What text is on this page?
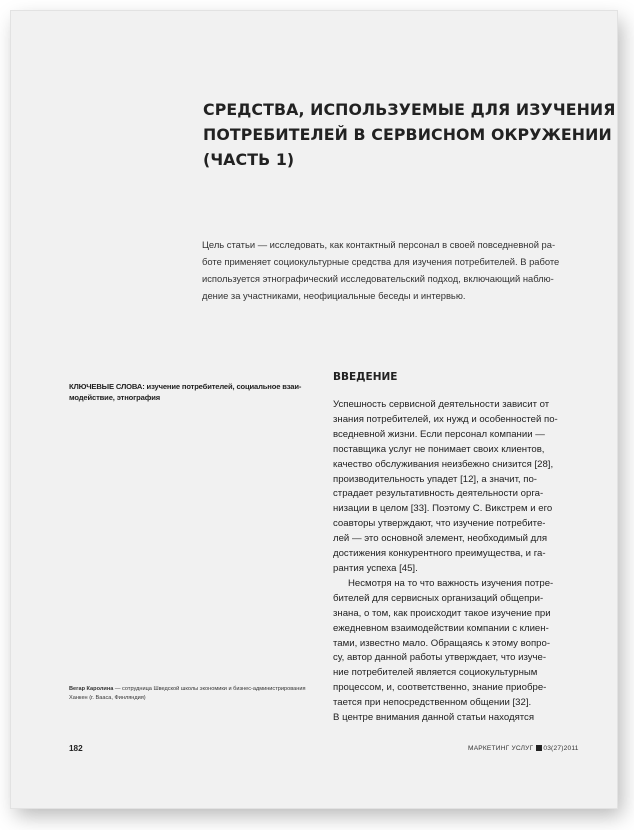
СРЕДСТВА, ИСПОЛЬЗУЕМЫЕ ДЛЯ ИЗУЧЕНИЯ
ПОТРЕБИТЕЛЕЙ В СЕРВИСНОМ ОКРУЖЕНИИ
(ЧАСТЬ 1)
Цель статьи — исследовать, как контактный персонал в своей повседневной ра-
боте применяет социокультурные средства для изучения потребителей. В работе
используется этнографический исследовательский подход, включающий наблю-
дение за участниками, неофициальные беседы и интервью.
КЛЮЧЕВЫЕ СЛОВА: изучение потребителей, социальное взаи-
модействие, этнография
ВВЕДЕНИЕ
Успешность сервисной деятельности зависит от
знания потребителей, их нужд и особенностей по-
вседневной жизни. Если персонал компании —
поставщика услуг не понимает своих клиентов,
качество обслуживания неизбежно снизится [28],
производительность упадет [12], а значит, по-
страдает результативность деятельности орга-
низации в целом [33]. Поэтому С. Викстрем и его
соавторы утверждают, что изучение потребите-
лей — это основной элемент, необходимый для
достижения конкурентного преимущества, и га-
рантия успеха [45].
Несмотря на то что важность изучения потре-
бителей для сервисных организаций общепри-
знана, о том, как происходит такое изучение при
ежедневном взаимодействии компании с клиен-
тами, известно мало. Обращаясь к этому вопро-
су, автор данной работы утверждает, что изуче-
ние потребителей является социокультурным
процессом, и, соответственно, знание приобре-
тается при непосредственном общении [32].
В центре внимания данной статьи находятся
Вегар Каролина — сотрудница Шведской школы экономики и бизнес-администрирования
Ханкен (г. Вааса, Финляндия)
182	МАРКЕТИНГ УСЛУГ 03(27)2011
